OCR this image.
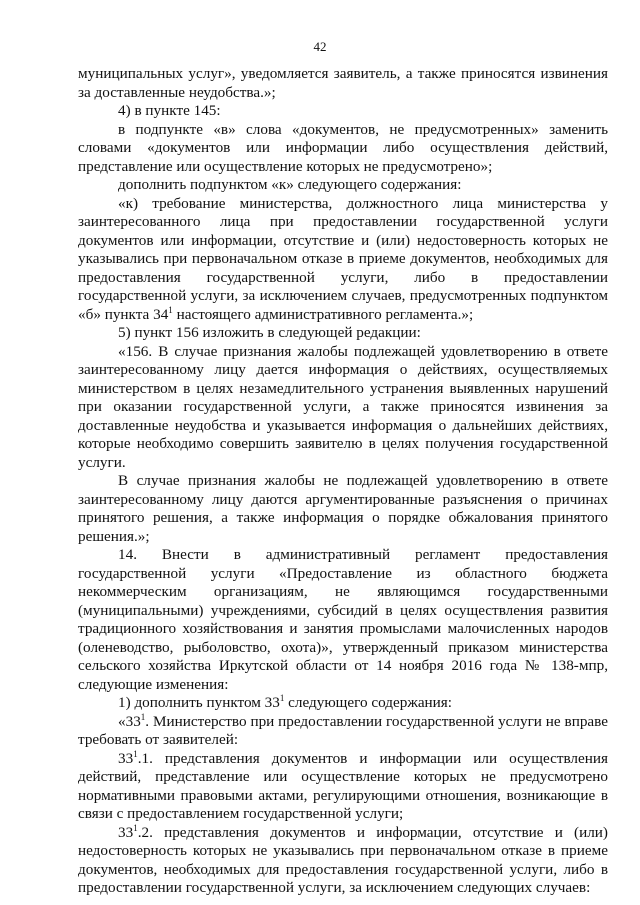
42

муниципальных услуг», уведомляется заявитель, а также приносятся извинения за доставленные неудобства.»;

4) в пункте 145:

в подпункте «в» слова «документов, не предусмотренных» заменить словами «документов или информации либо осуществления действий, представление или осуществление которых не предусмотрено»;

дополнить подпунктом «к» следующего содержания:

«к) требование министерства, должностного лица министерства у заинтересованного лица при предоставлении государственной услуги документов или информации, отсутствие и (или) недостоверность которых не указывались при первоначальном отказе в приеме документов, необходимых для предоставления государственной услуги, либо в предоставлении государственной услуги, за исключением случаев, предусмотренных подпунктом «б» пункта $34^1$ настоящего административного регламента.»;

5) пункт 156 изложить в следующей редакции:

«156. В случае признания жалобы подлежащей удовлетворению в ответе заинтересованному лицу дается информация о действиях, осуществляемых министерством в целях незамедлительного устранения выявленных нарушений при оказании государственной услуги, а также приносятся извинения за доставленные неудобства и указывается информация о дальнейших действиях, которые необходимо совершить заявителю в целях получения государственной услуги.

В случае признания жалобы не подлежащей удовлетворению в ответе заинтересованному лицу даются аргументированные разъяснения о причинах принятого решения, а также информация о порядке обжалования принятого решения.»;

14. Внести в административный регламент предоставления государственной услуги «Предоставление из областного бюджета некоммерческим организациям, не являющимся государственными (муниципальными) учреждениями, субсидий в целях осуществления развития традиционного хозяйствования и занятия промыслами малочисленных народов (оленеводство, рыболовство, охота)», утвержденный приказом министерства сельского хозяйства Иркутской области от 14 ноября 2016 года № 138-мпр, следующие изменения:

1) дополнить пунктом $33^1$ следующего содержания:

«$33^1$. Министерство при предоставлении государственной услуги не вправе требовать от заявителей:

$33^1.1$. представления документов и информации или осуществления действий, представление или осуществление которых не предусмотрено нормативными правовыми актами, регулирующими отношения, возникающие в связи с предоставлением государственной услуги;

$33^1.2$. представления документов и информации, отсутствие и (или) недостоверность которых не указывались при первоначальном отказе в приеме документов, необходимых для предоставления государственной услуги, либо в предоставлении государственной услуги, за исключением следующих случаев:
